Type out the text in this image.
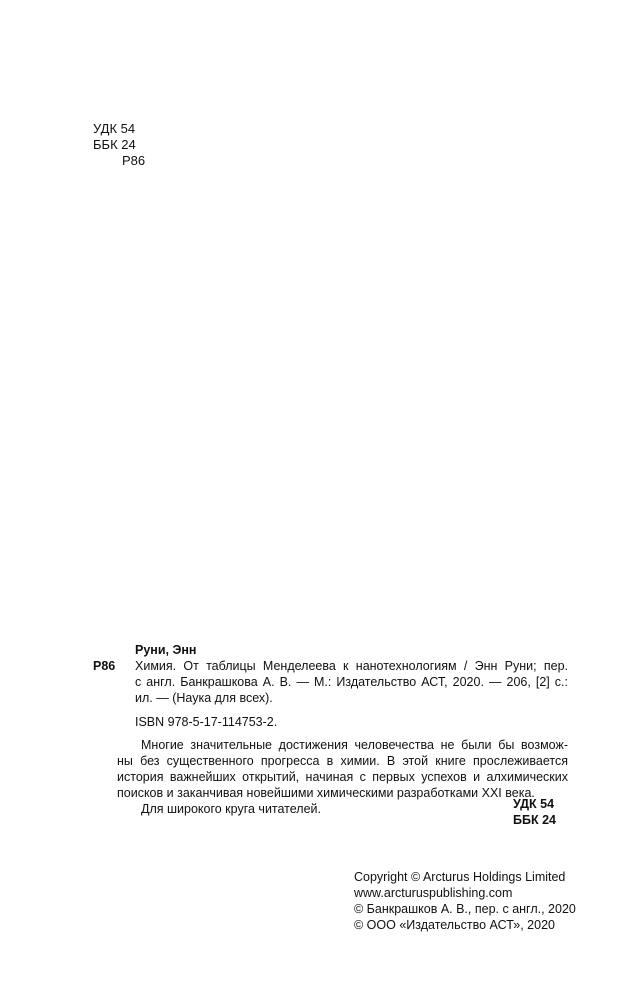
УДК 54
ББК 24
Р86
Руни, Энн
Р86 Химия. От таблицы Менделеева к нанотехнологиям / Энн Руни; пер.
с англ. Банкрашкова А. В. — М.: Издательство АСТ, 2020. — 206, [2] с.:
ил. — (Наука для всех).
ISBN 978-5-17-114753-2.
Многие значительные достижения человечества не были бы возмож-
ны без существенного прогресса в химии. В этой книге прослеживается
история важнейших открытий, начиная с первых успехов и алхимических
поисков и заканчивая новейшими химическими разработками XXI века.
Для широкого круга читателей.	УДК 54
ББК 24
Copyright © Arcturus Holdings Limited
www.arcturuspublishing.com
© Банкрашков А. В., пер. с англ., 2020
© ООО «Издательство АСТ», 2020
